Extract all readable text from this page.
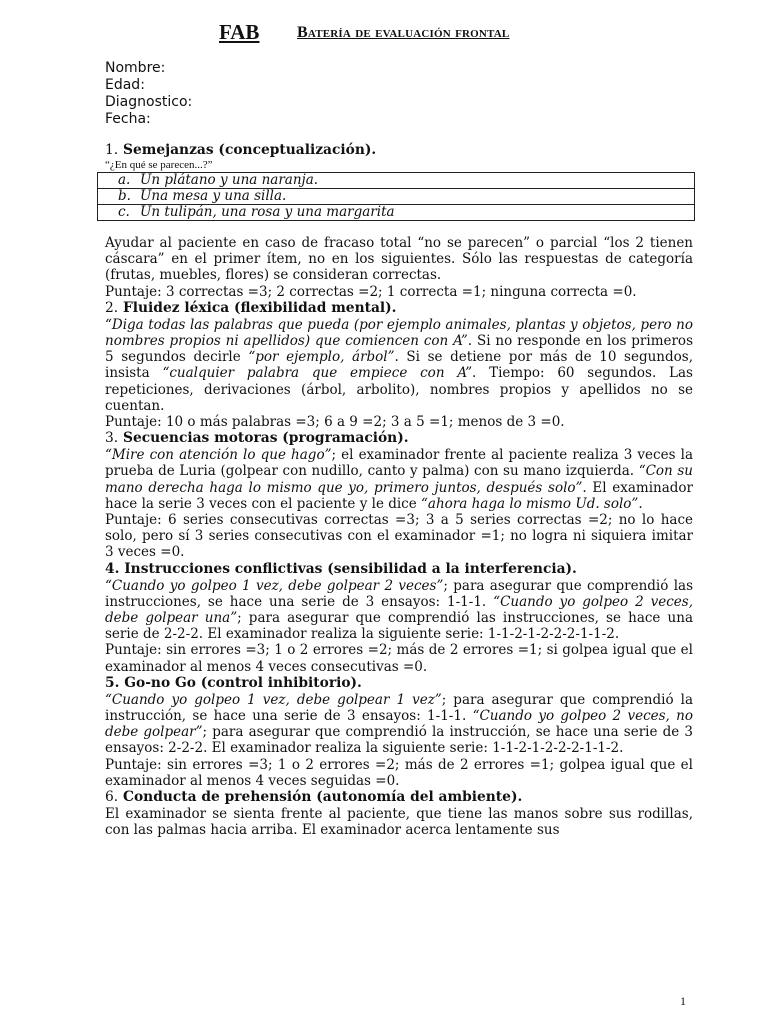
FAB Batería de evaluación frontal
Nombre:
Edad:
Diagnostico:
Fecha:
1. Semejanzas (conceptualización).
“¿En qué se parecen...?”
a. Un plátano y una naranja.
b. Una mesa y una silla.
c. Un tulipán, una rosa y una margarita

Ayudar al paciente en caso de fracaso total “no se parecen” o parcial “los 2 tienen cáscara” en el primer ítem, no en los siguientes. Sólo las respuestas de categoría (frutas, muebles, flores) se consideran correctas.

Puntaje: 3 correctas =3; 2 correctas =2; 1 correcta =1; ninguna correcta =0.

2. Fluidez léxica (flexibilidad mental).

“Diga todas las palabras que pueda (por ejemplo animales, plantas y objetos, pero no nombres propios ni apellidos) que comiencen con A”. Si no responde en los primeros 5 segundos decirle “por ejemplo, árbol”. Si se detiene por más de 10 segundos, insista “cualquier palabra que empiece con A”. Tiempo: 60 segundos. Las repeticiones, derivaciones (árbol, arbolito), nombres propios y apellidos no se cuentan.

Puntaje: 10 o más palabras =3; 6 a 9 =2; 3 a 5 =1; menos de 3 =0.

3. Secuencias motoras (programación).

“Mire con atención lo que hago”; el examinador frente al paciente realiza 3 veces la prueba de Luria (golpear con nudillo, canto y palma) con su mano izquierda. “Con su mano derecha haga lo mismo que yo, primero juntos, después solo”. El examinador hace la serie 3 veces con el paciente y le dice “ahora haga lo mismo Ud. solo”.

Puntaje: 6 series consecutivas correctas =3; 3 a 5 series correctas =2; no lo hace solo, pero sí 3 series consecutivas con el examinador =1; no logra ni siquiera imitar 3 veces =0.

4. Instrucciones conflictivas (sensibilidad a la interferencia).

“Cuando yo golpeo 1 vez, debe golpear 2 veces”; para asegurar que comprendió las instrucciones, se hace una serie de 3 ensayos: 1-1-1. “Cuando yo golpeo 2 veces, debe golpear una”; para asegurar que comprendió las instrucciones, se hace una serie de 2-2-2. El examinador realiza la siguiente serie: 1-1-2-1-2-2-2-1-1-2.

Puntaje: sin errores =3; 1 o 2 errores =2; más de 2 errores =1; si golpea igual que el examinador al menos 4 veces consecutivas =0.

5. Go-no Go (control inhibitorio).

“Cuando yo golpeo 1 vez, debe golpear 1 vez”; para asegurar que comprendió la instrucción, se hace una serie de 3 ensayos: 1-1-1. “Cuando yo golpeo 2 veces, no debe golpear”; para asegurar que comprendió la instrucción, se hace una serie de 3 ensayos: 2-2-2. El examinador realiza la siguiente serie: 1-1-2-1-2-2-2-1-1-2.

Puntaje: sin errores =3; 1 o 2 errores =2; más de 2 errores =1; golpea igual que el examinador al menos 4 veces seguidas =0.

6. Conducta de prehensión (autonomía del ambiente).

El examinador se sienta frente al paciente, que tiene las manos sobre sus rodillas, con las palmas hacia arriba. El examinador acerca lentamente sus

1
